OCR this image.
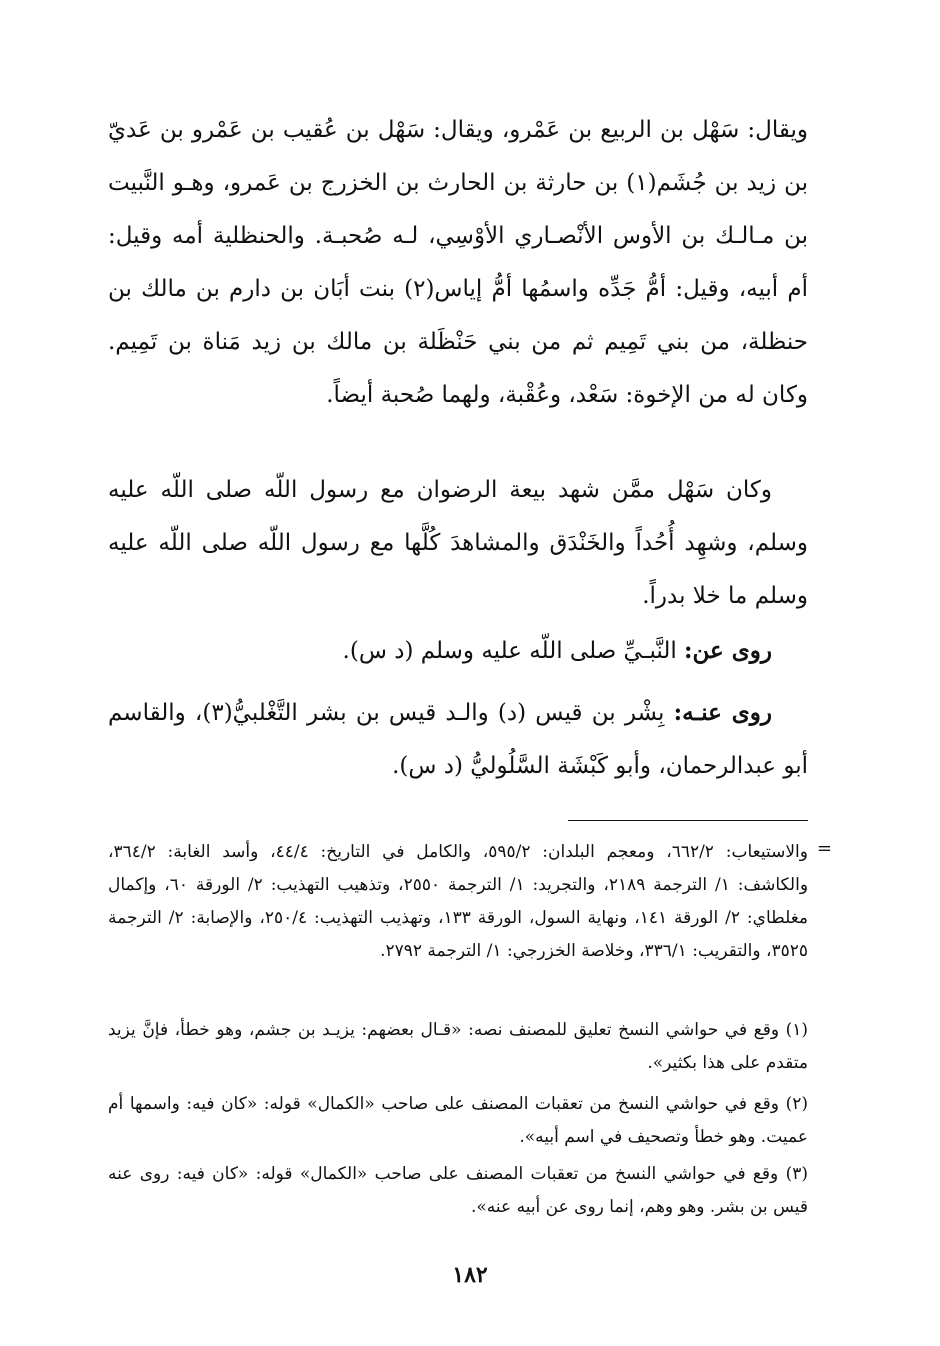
ويقال: سَهْل بن الربيع بن عَمْرو، ويقال: سَهْل بن عُقيب بن عَمْرو بن عَديّ بن زيد بن جُشَم(١) بن حارثة بن الحارث بن الخزرج بن عَمرو، وهـو النَّبيت بن مـالـك بن الأوس الأنْصـاري الأوْسِي، لـه صُحبـة. والحنظلية أمه وقيل: أم أبيه، وقيل: أمُّ جَدِّه واسمُها أمُّ إياس(٢) بنت أبَان بن دارم بن مالك بن حنظلة، من بني تَمِيم ثم من بني حَنْظَلة بن مالك بن زيد مَناة بن تَمِيم. وكان له من الإخوة: سَعْد، وعُقْبة، ولهما صُحبة أيضاً.

وكان سَهْل ممَّن شهد بيعة الرضوان مع رسول اللّه صلى اللّه عليه وسلم، وشهِد أُحُداً والخَنْدَق والمشاهدَ كُلَّها مع رسول اللّه صلى اللّه عليه وسلم ما خلا بدراً.

روى عن: النَّبـيِّ صلى اللّه عليه وسلم (د س).

روى عنـه: بِشْر بن قيس (د) والـد قيس بن بشر التَّغْلبيُّ(٣)، والقاسم أبو عبدالرحمان، وأبو كَبْشَة السَّلُوليُّ (د س).

=

والاستيعاب: ٦٦٢/٢، ومعجم البلدان: ٥٩٥/٢، والكامل في التاريخ: ٤٤/٤، وأسد الغابة: ٣٦٤/٢، والكاشف: ١/ الترجمة ٢١٨٩، والتجريد: ١/ الترجمة ٢٥٥٠، وتذهيب التهذيب: ٢/ الورقة ٦٠، وإكمال مغلطاي: ٢/ الورقة ١٤١، ونهاية السول، الورقة ١٣٣، وتهذيب التهذيب: ٢٥٠/٤، والإصابة: ٢/ الترجمة ٣٥٢٥، والتقريب: ٣٣٦/١، وخلاصة الخزرجي: ١/ الترجمة ٢٧٩٢.

(١) وقع في حواشي النسخ تعليق للمصنف نصه: «قـال بعضهم: يزيـد بن جشم، وهو خطأ، فإنَّ يزيد متقدم على هذا بكثير».

(٢) وقع في حواشي النسخ من تعقبات المصنف على صاحب «الكمال» قوله: «كان فيه: واسمها أم عميت. وهو خطأ وتصحيف في اسم أبيه».

(٣) وقع في حواشي النسخ من تعقبات المصنف على صاحب «الكمال» قوله: «كان فيه: روى عنه قيس بن بشر. وهو وهم، إنما روى عن أبيه عنه».

١٨٢
